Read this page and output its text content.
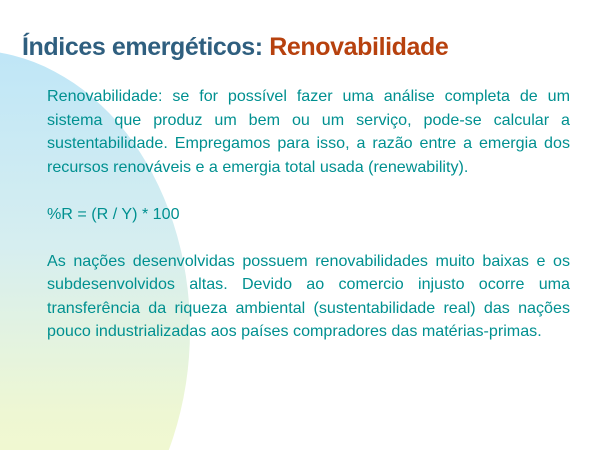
Índices emergéticos: Renovabilidade

Renovabilidade: se for possível fazer uma análise completa de um sistema que produz um bem ou um serviço, pode-se calcular a sustentabilidade. Empregamos para isso, a razão entre a emergia dos recursos renováveis e a emergia total usada (renewability).

%R = (R / Y) * 100

As nações desenvolvidas possuem renovabilidades muito baixas e os subdesenvolvidos altas. Devido ao comercio injusto ocorre uma transferência da riqueza ambiental (sustentabilidade real) das nações pouco industrializadas aos países compradores das matérias-primas.
